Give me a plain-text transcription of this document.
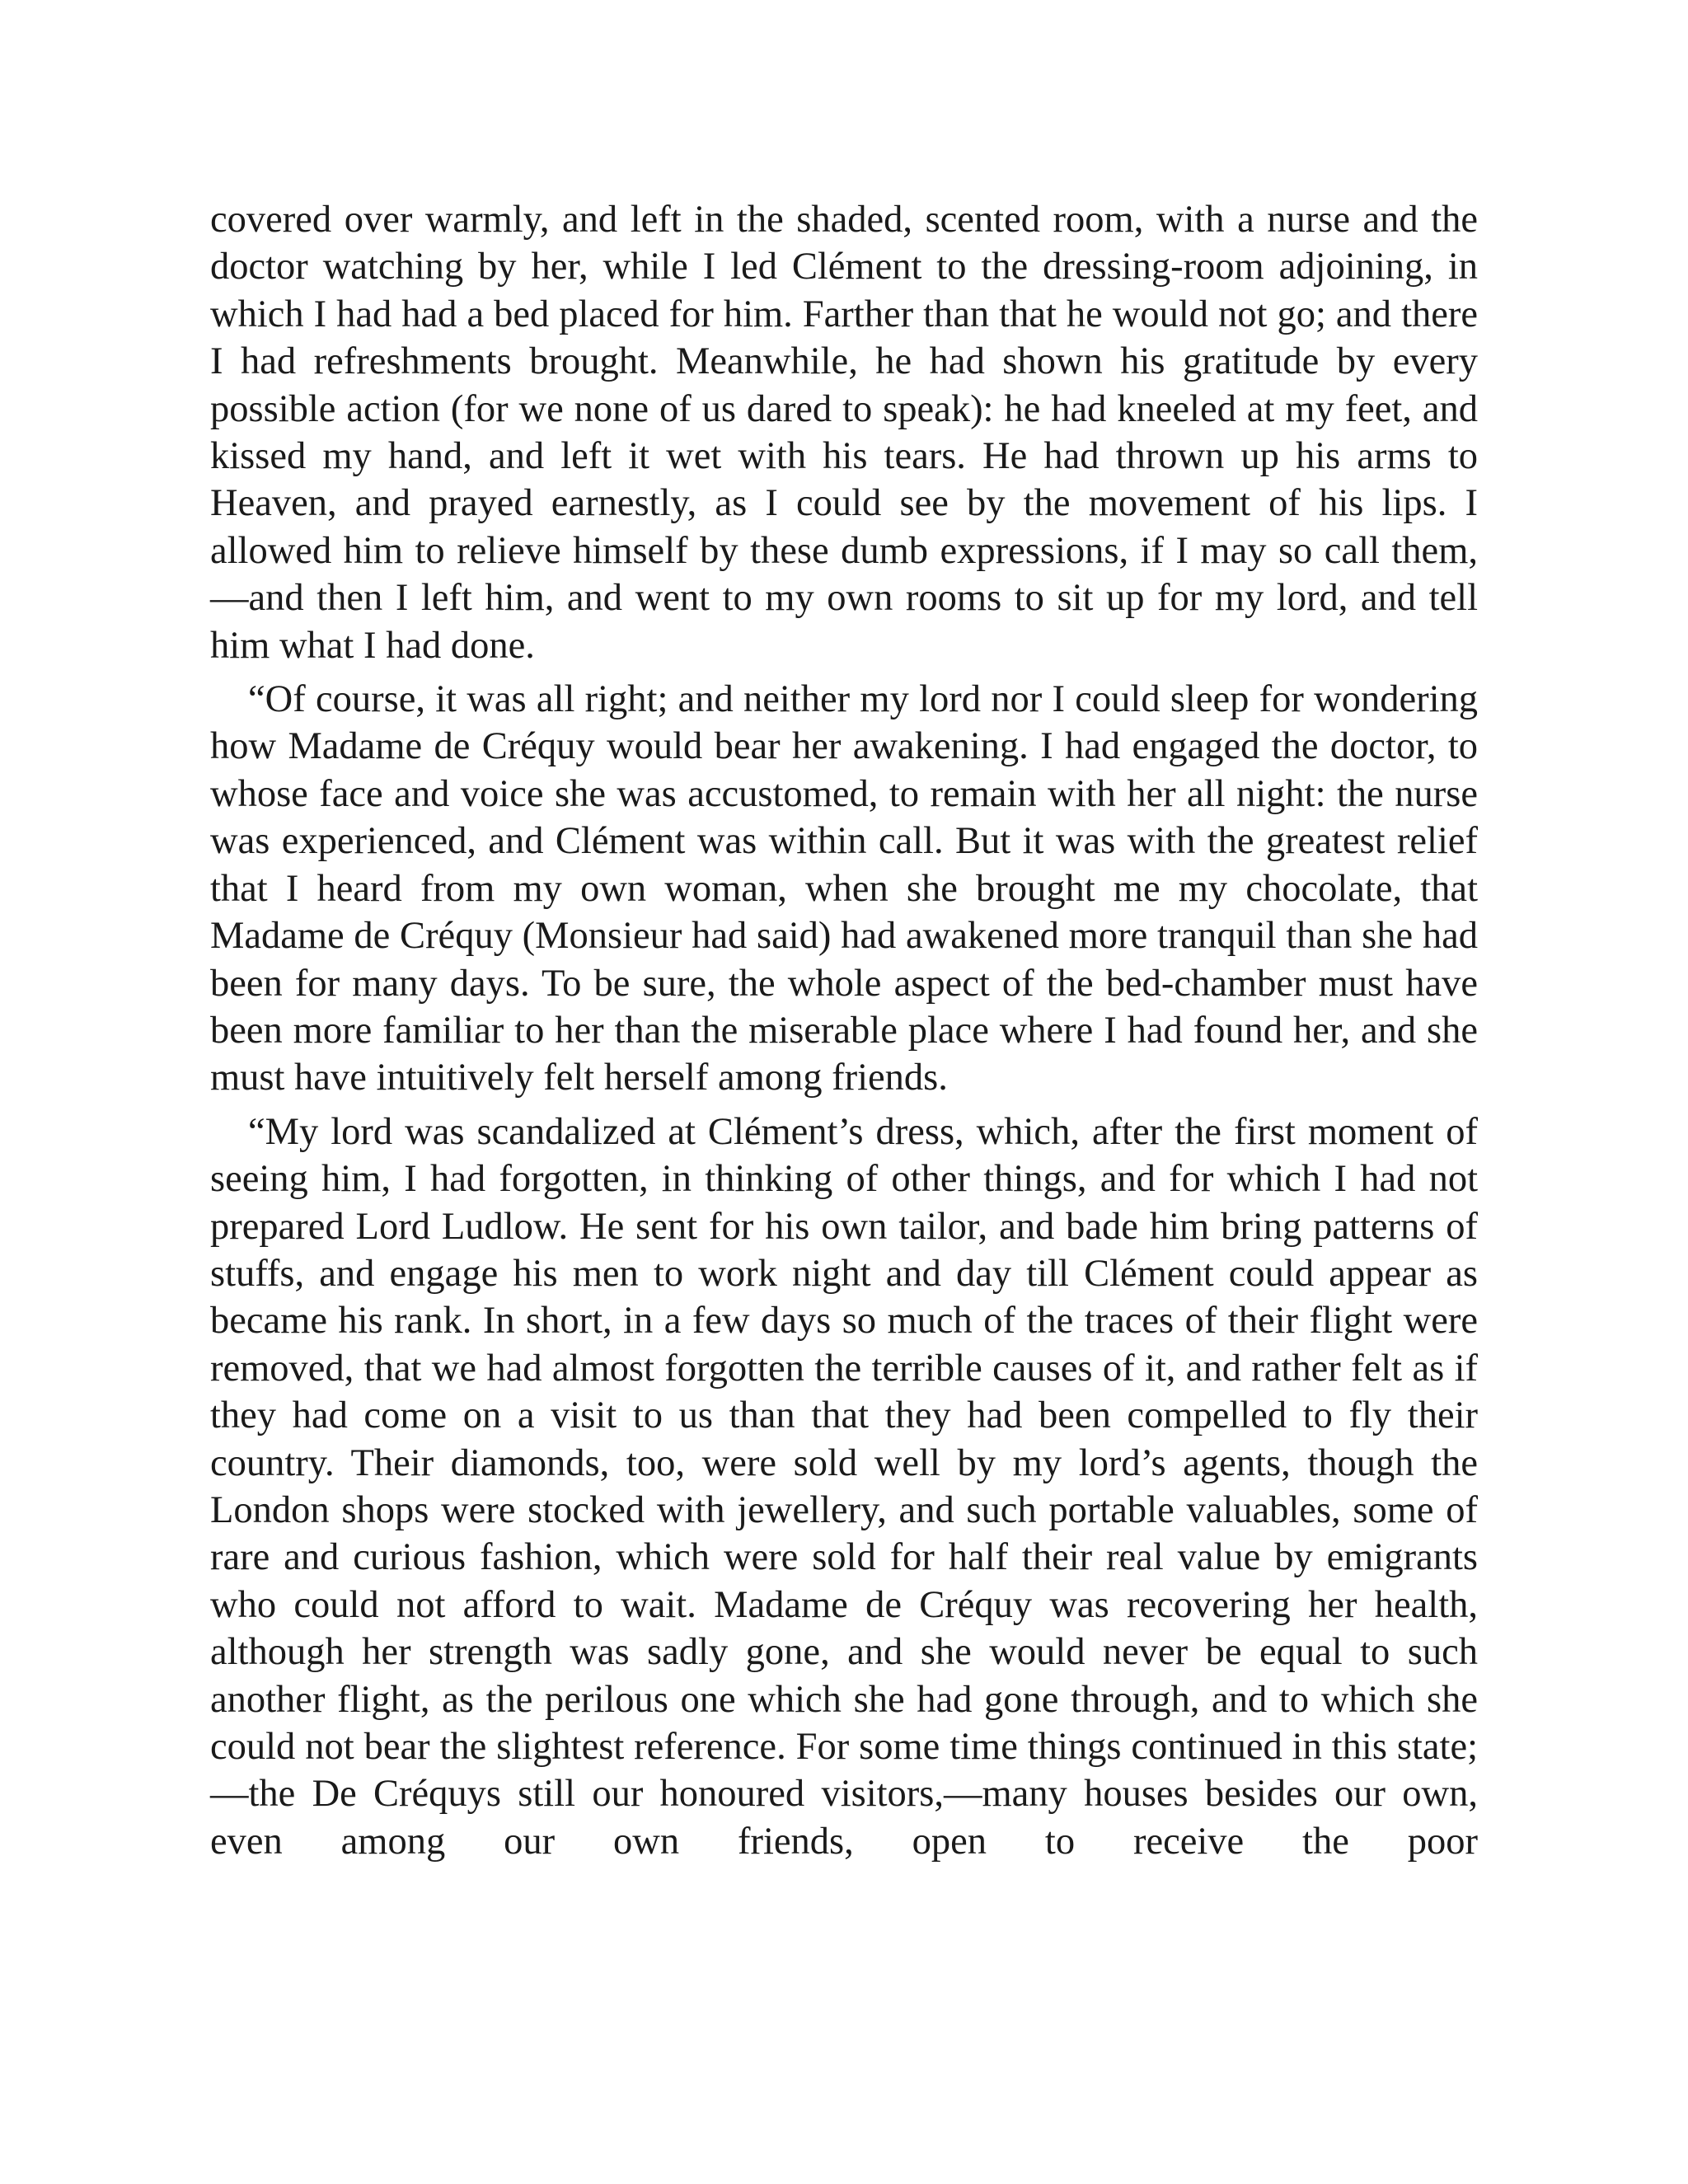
covered over warmly, and left in the shaded, scented room, with a nurse and the doctor watching by her, while I led Clément to the dressing-room adjoining, in which I had had a bed placed for him. Farther than that he would not go; and there I had refreshments brought. Meanwhile, he had shown his gratitude by every possible action (for we none of us dared to speak): he had kneeled at my feet, and kissed my hand, and left it wet with his tears. He had thrown up his arms to Heaven, and prayed earnestly, as I could see by the movement of his lips. I allowed him to relieve himself by these dumb expressions, if I may so call them,—and then I left him, and went to my own rooms to sit up for my lord, and tell him what I had done.

“Of course, it was all right; and neither my lord nor I could sleep for wondering how Madame de Créquy would bear her awakening. I had engaged the doctor, to whose face and voice she was accustomed, to remain with her all night: the nurse was experienced, and Clément was within call. But it was with the greatest relief that I heard from my own woman, when she brought me my chocolate, that Madame de Créquy (Monsieur had said) had awakened more tranquil than she had been for many days. To be sure, the whole aspect of the bed-chamber must have been more familiar to her than the miserable place where I had found her, and she must have intuitively felt herself among friends.

“My lord was scandalized at Clément’s dress, which, after the first moment of seeing him, I had forgotten, in thinking of other things, and for which I had not prepared Lord Ludlow. He sent for his own tailor, and bade him bring patterns of stuffs, and engage his men to work night and day till Clément could appear as became his rank. In short, in a few days so much of the traces of their flight were removed, that we had almost forgotten the terrible causes of it, and rather felt as if they had come on a visit to us than that they had been compelled to fly their country. Their diamonds, too, were sold well by my lord’s agents, though the London shops were stocked with jewellery, and such portable valuables, some of rare and curious fashion, which were sold for half their real value by emigrants who could not afford to wait. Madame de Créquy was recovering her health, although her strength was sadly gone, and she would never be equal to such another flight, as the perilous one which she had gone through, and to which she could not bear the slightest reference. For some time things continued in this state;—the De Créquys still our honoured visitors,—many houses besides our own, even among our own friends, open to receive the poor
